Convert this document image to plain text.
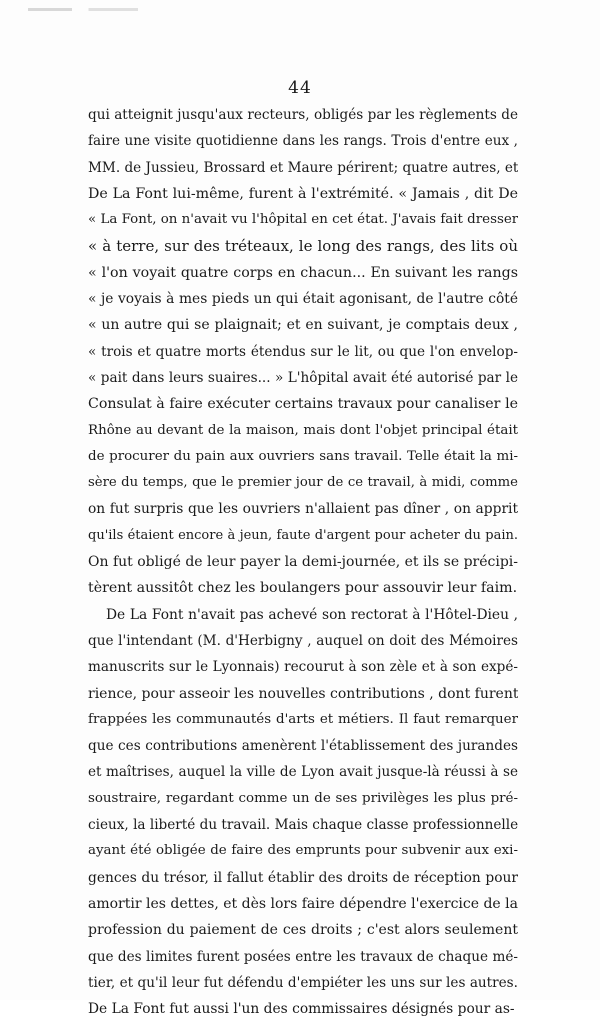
44
qui atteignit jusqu'aux recteurs, obligés par les règlements de
faire une visite quotidienne dans les rangs. Trois d'entre eux ,
MM. de Jussieu, Brossard et Maure périrent; quatre autres, et
De La Font lui-même, furent à l'extrémité. « Jamais , dit De
« La Font, on n'avait vu l'hôpital en cet état. J'avais fait dresser
« à terre, sur des tréteaux, le long des rangs, des lits où
« l'on voyait quatre corps en chacun... En suivant les rangs
« je voyais à mes pieds un qui était agonisant, de l'autre côté
« un autre qui se plaignait; et en suivant, je comptais deux ,
« trois et quatre morts étendus sur le lit, ou que l'on envelop-
« pait dans leurs suaires... » L'hôpital avait été autorisé par le
Consulat à faire exécuter certains travaux pour canaliser le
Rhône au devant de la maison, mais dont l'objet principal était
de procurer du pain aux ouvriers sans travail. Telle était la mi-
sère du temps, que le premier jour de ce travail, à midi, comme
on fut surpris que les ouvriers n'allaient pas dîner , on apprit
qu'ils étaient encore à jeun, faute d'argent pour acheter du pain.
On fut obligé de leur payer la demi-journée, et ils se précipi-
tèrent aussitôt chez les boulangers pour assouvir leur faim.
De La Font n'avait pas achevé son rectorat à l'Hôtel-Dieu ,
que l'intendant (M. d'Herbigny , auquel on doit des Mémoires
manuscrits sur le Lyonnais) recourut à son zèle et à son expé-
rience, pour asseoir les nouvelles contributions , dont furent
frappées les communautés d'arts et métiers. Il faut remarquer
que ces contributions amenèrent l'établissement des jurandes
et maîtrises, auquel la ville de Lyon avait jusque-là réussi à se
soustraire, regardant comme un de ses privilèges les plus pré-
cieux, la liberté du travail. Mais chaque classe professionnelle
ayant été obligée de faire des emprunts pour subvenir aux exi-
gences du trésor, il fallut établir des droits de réception pour
amortir les dettes, et dès lors faire dépendre l'exercice de la
profession du paiement de ces droits ; c'est alors seulement
que des limites furent posées entre les travaux de chaque mé-
tier, et qu'il leur fut défendu d'empiéter les uns sur les autres.
De La Font fut aussi l'un des commissaires désignés pour as-
